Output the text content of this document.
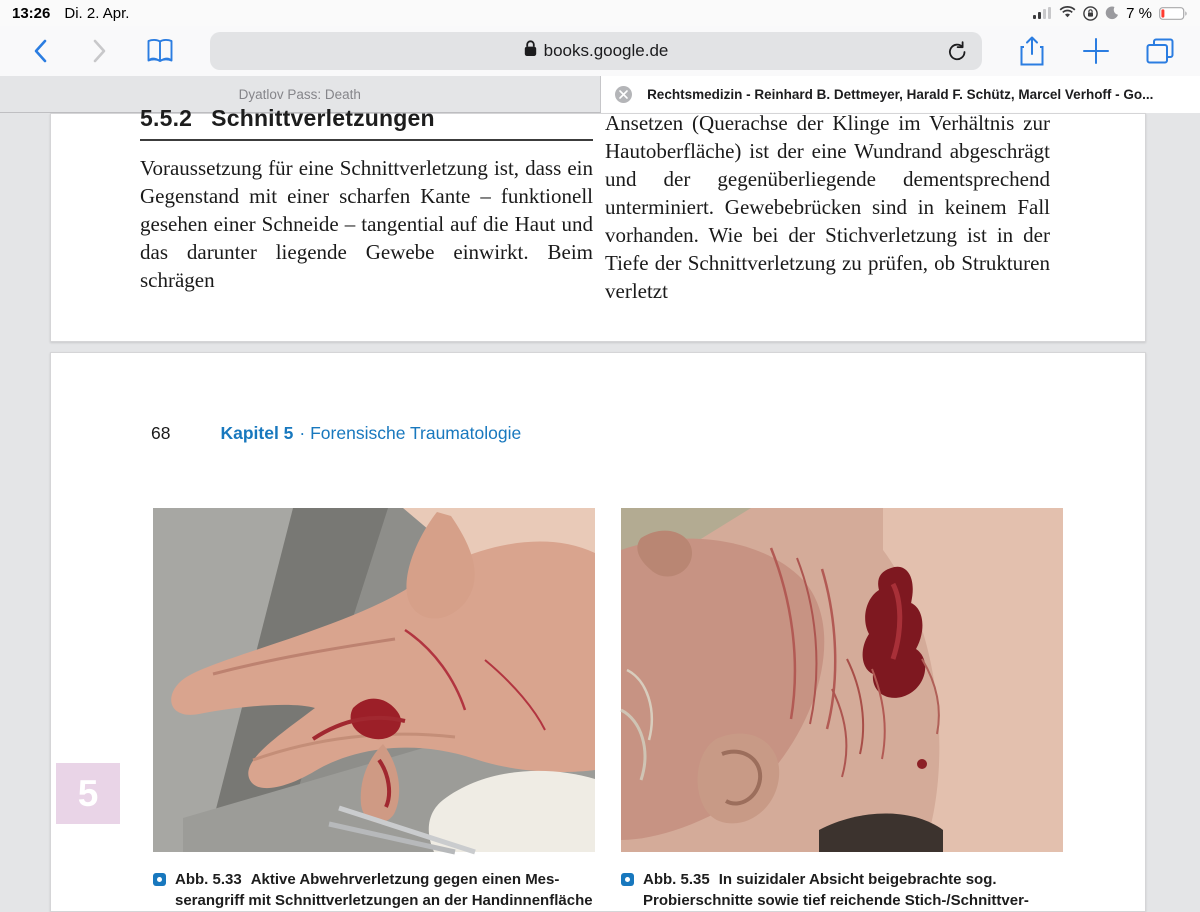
13:26 Di. 2. Apr.	7 %
books.google.de
Dyatlov Pass: Death	Rechtsmedizin - Reinhard B. Dettmeyer, Harald F. Schütz, Marcel Verhoff - Go...
5.5.2 Schnittverletzungen

Voraussetzung für eine Schnittverletzung ist, dass ein Gegenstand mit einer scharfen Kante – funktionell gesehen einer Schneide – tangential auf die Haut und das darunter liegende Gewebe einwirkt. Beim schrägen

Ansetzen (Querachse der Klinge im Verhältnis zur Hautoberfläche) ist der eine Wundrand abgeschrägt und der gegenüberliegende dementsprechend unterminiert. Gewebebrücken sind in keinem Fall vorhanden. Wie bei der Stichverletzung ist in der Tiefe der Schnittverletzung zu prüfen, ob Strukturen verletzt

68	Kapitel 5 · Forensische Traumatologie
5
Abb. 5.33 Aktive Abwehrverletzung gegen einen Mes-
serangriff mit Schnittverletzungen an der Handinnenfläche
Abb. 5.35 In suizidaler Absicht beigebrachte sog.
Probierschnitte sowie tief reichende Stich-/Schnittver-
